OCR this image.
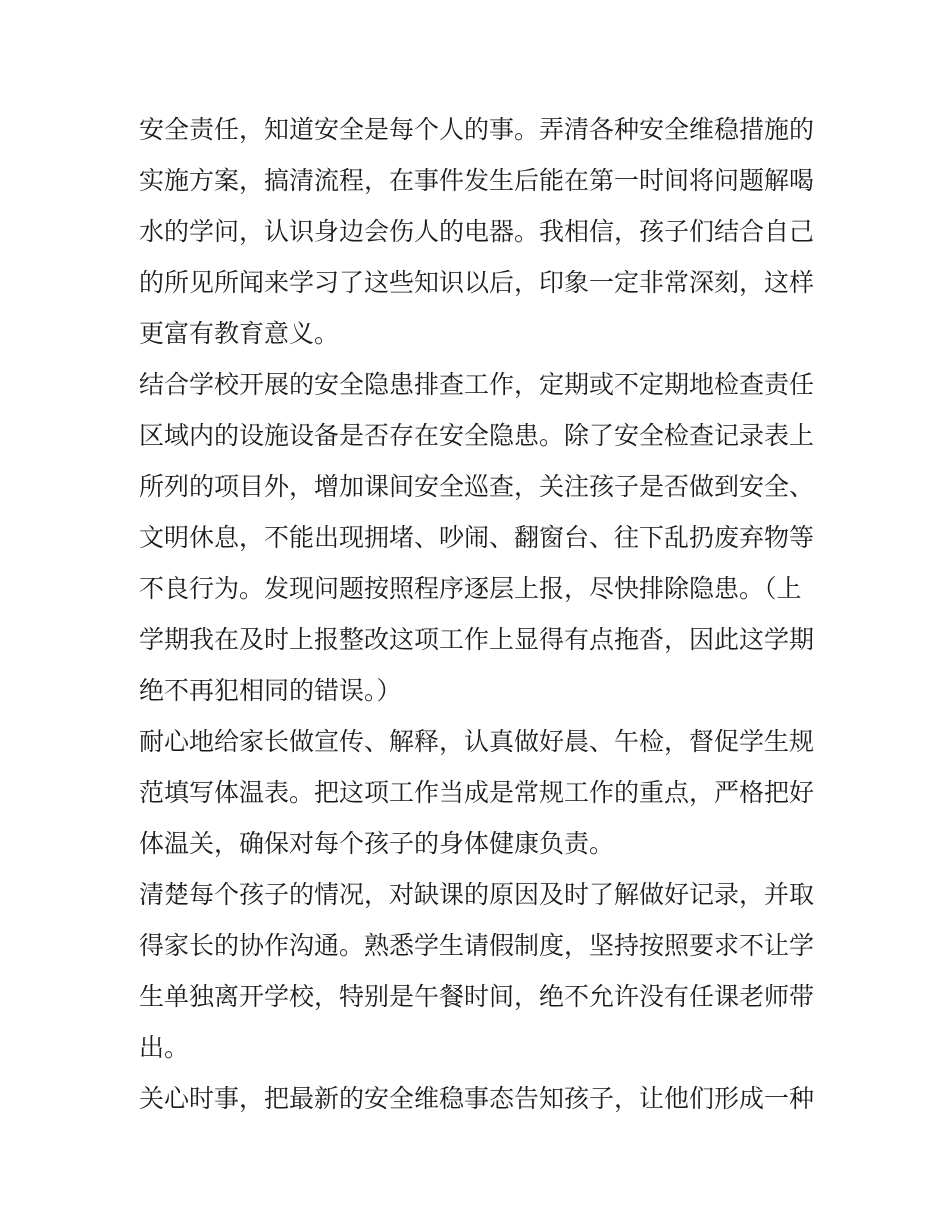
安全责任，知道安全是每个人的事。弄清各种安全维稳措施的
实施方案，搞清流程，在事件发生后能在第一时间将问题解喝
水的学问，认识身边会伤人的电器。我相信，孩子们结合自己
的所见所闻来学习了这些知识以后，印象一定非常深刻，这样
更富有教育意义。
结合学校开展的安全隐患排查工作，定期或不定期地检查责任
区域内的设施设备是否存在安全隐患。除了安全检查记录表上
所列的项目外，增加课间安全巡查，关注孩子是否做到安全、
文明休息，不能出现拥堵、吵闹、翻窗台、往下乱扔废弃物等
不良行为。发现问题按照程序逐层上报，尽快排除隐患。（上
学期我在及时上报整改这项工作上显得有点拖沓，因此这学期
绝不再犯相同的错误。）
耐心地给家长做宣传、解释，认真做好晨、午检，督促学生规
范填写体温表。把这项工作当成是常规工作的重点，严格把好
体温关，确保对每个孩子的身体健康负责。
清楚每个孩子的情况，对缺课的原因及时了解做好记录，并取
得家长的协作沟通。熟悉学生请假制度，坚持按照要求不让学
生单独离开学校，特别是午餐时间，绝不允许没有任课老师带
出。
关心时事，把最新的安全维稳事态告知孩子，让他们形成一种
